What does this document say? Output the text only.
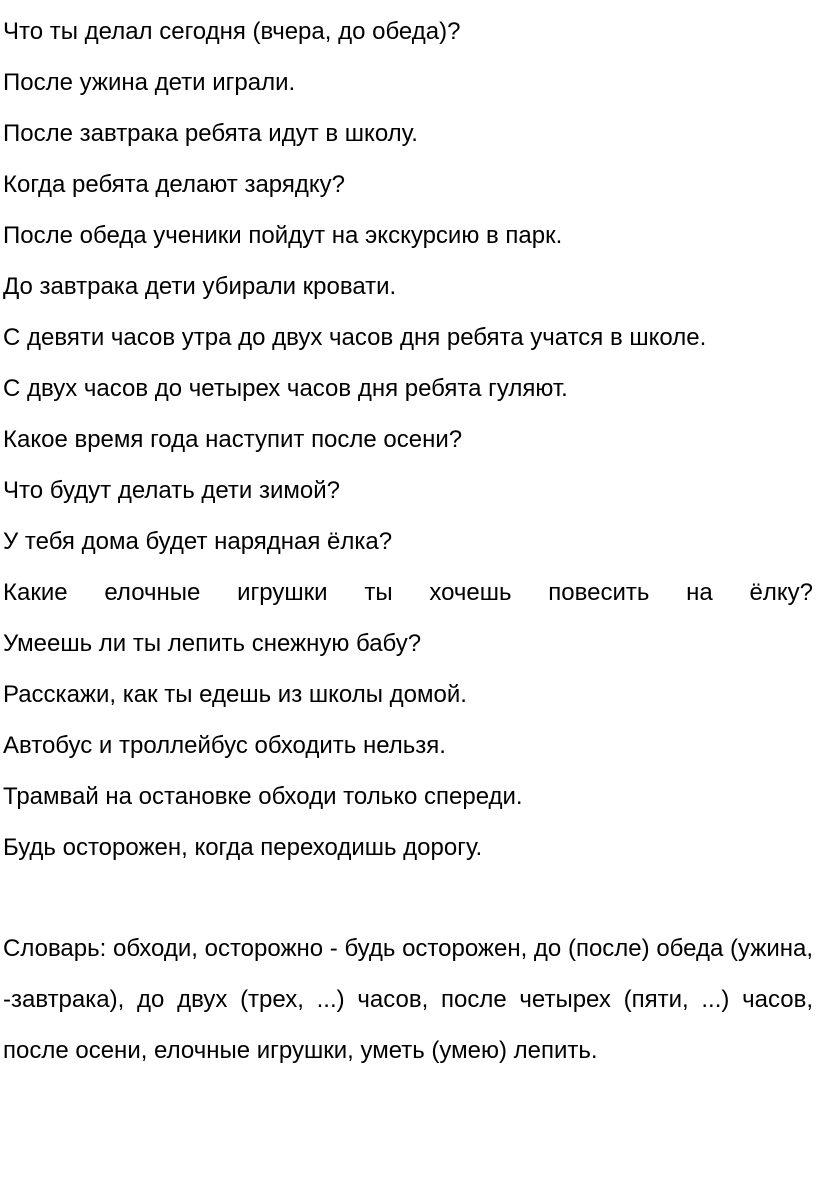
Что ты делал сегодня (вчера, до обеда)?
После ужина дети играли.
После завтрака ребята идут в школу.
Когда ребята делают зарядку?
После обеда ученики пойдут на экскурсию в парк.
До завтрака дети убирали кровати.
С девяти часов утра до двух часов дня ребята учатся в школе.
С двух часов до четырех часов дня ребята гуляют.
Какое время года наступит после осени?
Что будут делать дети зимой?
У тебя дома будет нарядная ёлка?
Какие елочные игрушки ты хочешь повесить на ёлку?
Умеешь ли ты лепить снежную бабу?
Расскажи, как ты едешь из школы домой.
Автобус и троллейбус обходить нельзя.
Трамвай на остановке обходи только спереди.
Будь осторожен, когда переходишь дорогу.
Словарь: обходи, осторожно - будь осторожен, до (после) обеда (ужина, -завтрака), до двух (трех, ...) часов, после четырех (пяти, ...) часов, после осени, елочные игрушки, уметь (умею) лепить.
